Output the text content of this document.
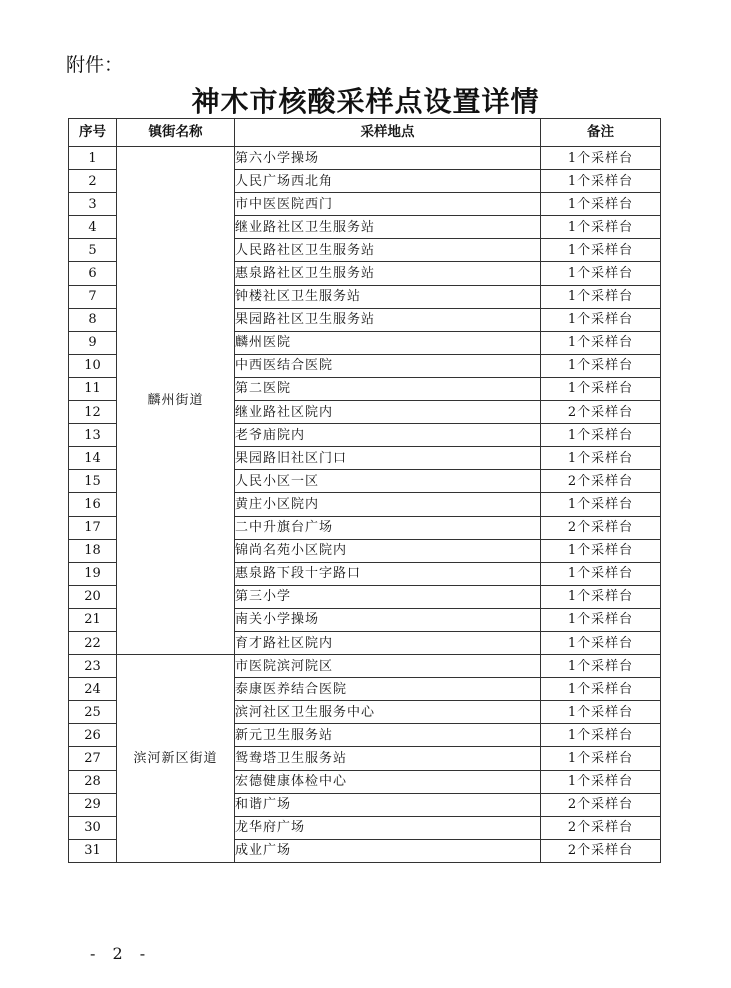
附件：
神木市核酸采样点设置详情
序号	镇街名称	采样地点	备注
1	麟州街道	第六小学操场	1个采样台
2		人民广场西北角	1个采样台
3		市中医医院西门	1个采样台
4		继业路社区卫生服务站	1个采样台
5		人民路社区卫生服务站	1个采样台
6		惠泉路社区卫生服务站	1个采样台
7		钟楼社区卫生服务站	1个采样台
8		果园路社区卫生服务站	1个采样台
9		麟州医院	1个采样台
10		中西医结合医院	1个采样台
11		第二医院	1个采样台
12		继业路社区院内	2个采样台
13		老爷庙院内	1个采样台
14		果园路旧社区门口	1个采样台
15		人民小区一区	2个采样台
16		黄庄小区院内	1个采样台
17		二中升旗台广场	2个采样台
18		锦尚名苑小区院内	1个采样台
19		惠泉路下段十字路口	1个采样台
20		第三小学	1个采样台
21		南关小学操场	1个采样台
22		育才路社区院内	1个采样台
23	滨河新区街道	市医院滨河院区	1个采样台
24		泰康医养结合医院	1个采样台
25		滨河社区卫生服务中心	1个采样台
26		新元卫生服务站	1个采样台
27		鸳鸯塔卫生服务站	1个采样台
28		宏德健康体检中心	1个采样台
29		和谐广场	2个采样台
30		龙华府广场	2个采样台
31		成业广场	2个采样台
- 2 -
